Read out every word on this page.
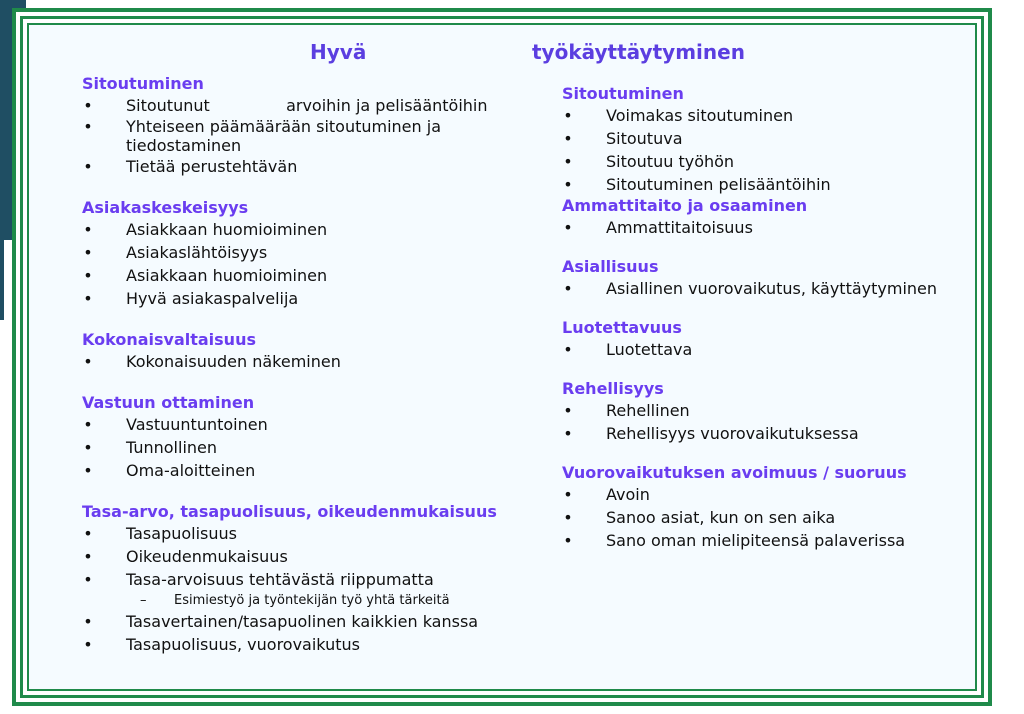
Hyvä	työkäyttäytyminen
Sitoutuminen
• Sitoutunut               arvoihin ja pelisääntöihin
• Yhteiseen päämäärään sitoutuminen ja
tiedostaminen
• Tietää perustehtävän
Asiakaskeskeisyys
• Asiakkaan huomioiminen
• Asiakaslähtöisyys
• Asiakkaan huomioiminen
• Hyvä asiakaspalvelija
Kokonaisvaltaisuus
• Kokonaisuuden näkeminen
Vastuun ottaminen
• Vastuuntuntoinen
• Tunnollinen
• Oma-aloitteinen
Tasa-arvo, tasapuolisuus, oikeudenmukaisuus
• Tasapuolisuus
• Oikeudenmukaisuus
• Tasa-arvoisuus tehtävästä riippumatta
– Esimiestyö ja työntekijän työ yhtä tärkeitä
• Tasavertainen/tasapuolinen kaikkien kanssa
• Tasapuolisuus, vuorovaikutus
Sitoutuminen
• Voimakas sitoutuminen
• Sitoutuva
• Sitoutuu työhön
• Sitoutuminen pelisääntöihin
Ammattitaito ja osaaminen
• Ammattitaitoisuus
Asiallisuus
• Asiallinen vuorovaikutus, käyttäytyminen
Luotettavuus
• Luotettava
Rehellisyys
• Rehellinen
• Rehellisyys vuorovaikutuksessa
Vuorovaikutuksen avoimuus / suoruus
• Avoin
• Sanoo asiat, kun on sen aika
• Sano oman mielipiteensä palaverissa
